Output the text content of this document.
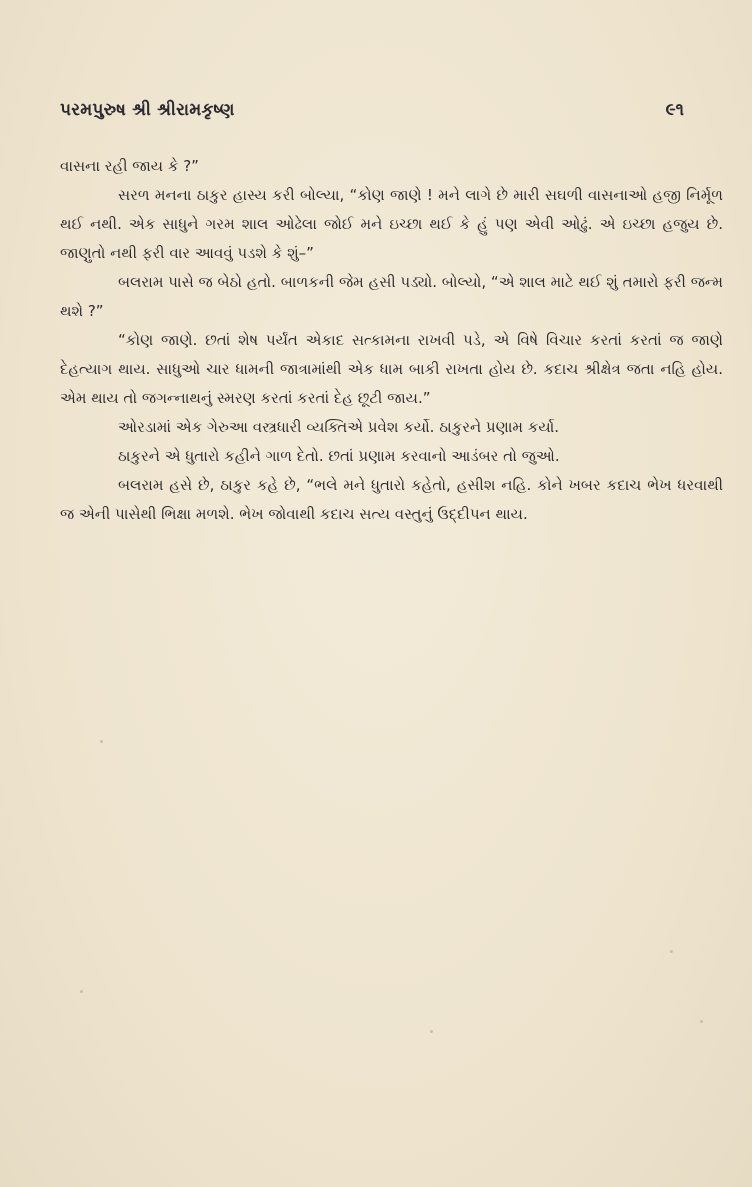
પરમપુરુષ શ્રી શ્રીરામકૃષ્ણ	૯૧

વાસના રહી જાય કે ?”

સરળ મનના ઠાકુર હાસ્ય કરી બોલ્યા, “કોણ જાણે ! મને લાગે છે મારી સઘળી વાસનાઓ હજી નિર્મૂળ થઈ નથી. એક સાધુને ગરમ શાલ ઓઢેલા જોઈ મને ઇચ્છા થઈ કે હું પણ એવી ઓઢું. એ ઇચ્છા હજુય છે. જાણુતો નથી ફરી વાર આવવું પડશે કે શું–”

બલરામ પાસે જ બેઠો હતો. બાળકની જેમ હસી પડ્યો. બોલ્યો, “એ શાલ માટે થઈ શું તમારો ફરી જન્મ થશે ?”

“કોણ જાણે. છતાં શેષ પર્યંત એકાદ સત્કામના રાખવી પડે, એ વિષે વિચાર કરતાં કરતાં જ જાણે દેહત્યાગ થાય. સાધુઓ ચાર ધામની જાત્રામાંથી એક ધામ બાકી રાખતા હોય છે. કદાચ શ્રીક્ષેત્ર જતા નહિ હોય. એમ થાય તો જગન્નાથનું સ્મરણ કરતાં કરતાં દેહ છૂટી જાય.”

ઓરડામાં એક ગેરુઆ વસ્ત્રધારી વ્યક્તિએ પ્રવેશ કર્યો. ઠાકુરને પ્રણામ કર્યા.

ઠાકુરને એ ધુતારો કહીને ગાળ દેતો. છતાં પ્રણામ કરવાનો આડંબર તો જુઓ.

બલરામ હસે છે, ઠાકુર કહે છે, “ભલે મને ધુતારો કહેતો, હસીશ નહિ. કોને ખબર કદાચ ભેખ ધરવાથી જ એની પાસેથી ભિક્ષા મળશે. ભેખ જોવાથી કદાચ સત્ય વસ્તુનું ઉદ્દીપન થાય.
